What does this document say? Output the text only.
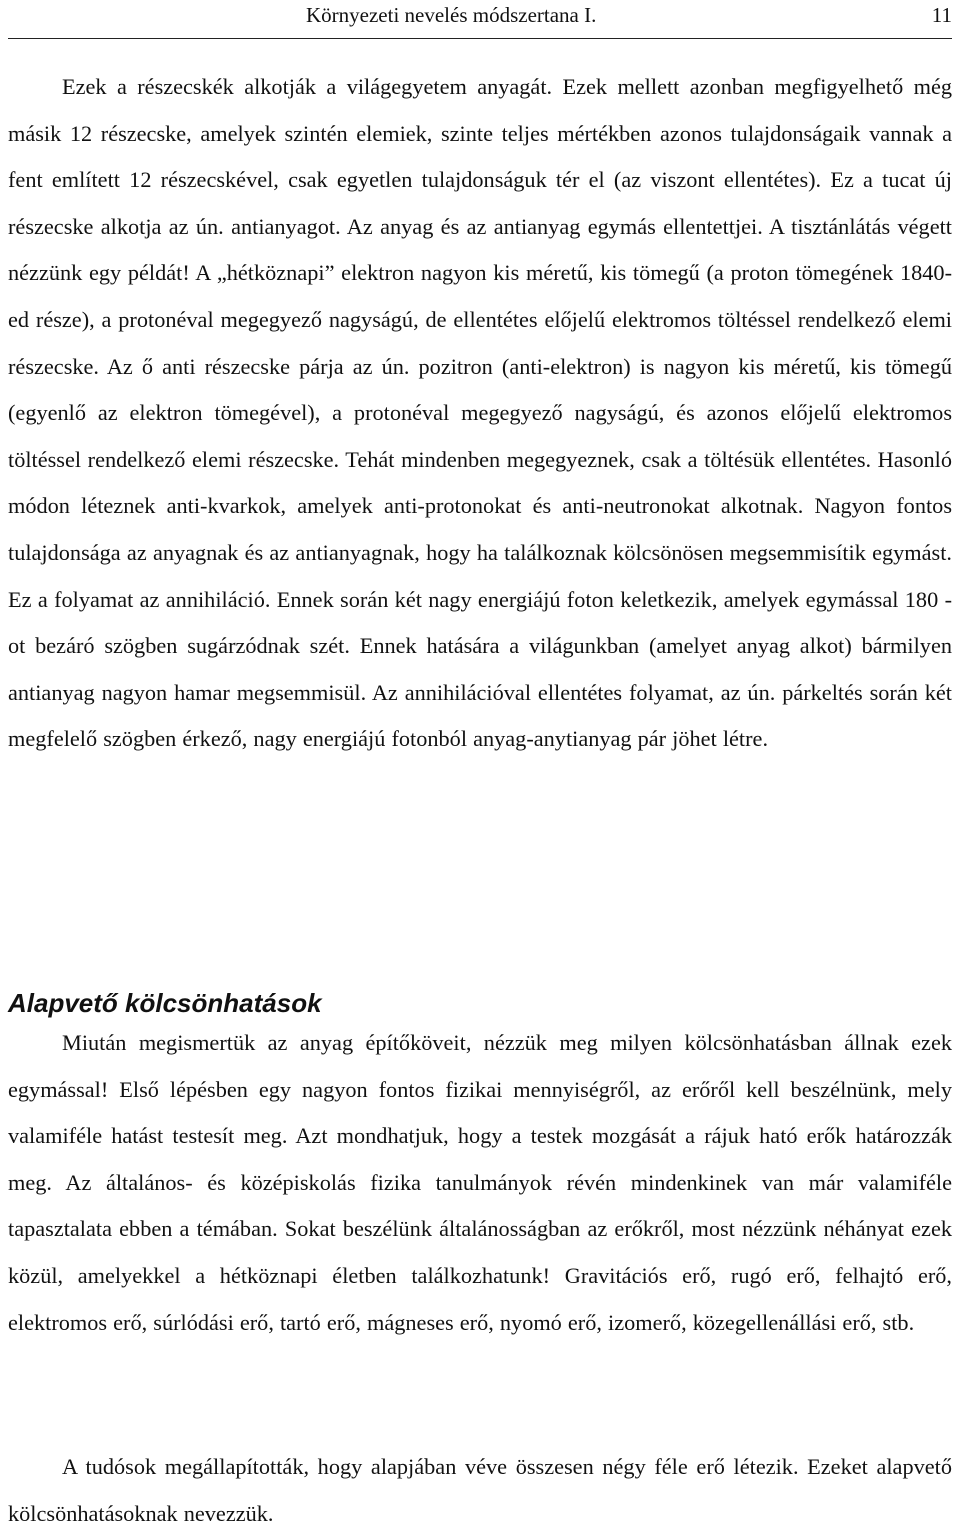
Környezeti nevelés módszertana I.	11

Ezek a részecskék alkotják a világegyetem anyagát. Ezek mellett azonban megfigyelhető még másik 12 részecske, amelyek szintén elemiek, szinte teljes mértékben azonos tulajdonságaik vannak a fent említett 12 részecskével, csak egyetlen tulajdonságuk tér el (az viszont ellentétes). Ez a tucat új részecske alkotja az ún. antianyagot. Az anyag és az antianyag egymás ellentettjei. A tisztánlátás végett nézzünk egy példát! A „hétköznapi” elektron nagyon kis méretű, kis tömegű (a proton tömegének 1840-ed része), a protonéval megegyező nagyságú, de ellentétes előjelű elektromos töltéssel rendelkező elemi részecske. Az ő anti részecske párja az ún. pozitron (anti-elektron) is nagyon kis méretű, kis tömegű (egyenlő az elektron tömegével), a protonéval megegyező nagyságú, és azonos előjelű elektromos töltéssel rendelkező elemi részecske. Tehát mindenben megegyeznek, csak a töltésük ellentétes. Hasonló módon léteznek anti-kvarkok, amelyek anti-protonokat és anti-neutronokat alkotnak. Nagyon fontos tulajdonsága az anyagnak és az antianyagnak, hogy ha találkoznak kölcsönösen megsemmisítik egymást. Ez a folyamat az annihiláció. Ennek során két nagy energiájú foton keletkezik, amelyek egymással 180 -ot bezáró szögben sugárzódnak szét. Ennek hatására a világunkban (amelyet anyag alkot) bármilyen antianyag nagyon hamar megsemmisül. Az annihilációval ellentétes folyamat, az ún. párkeltés során két megfelelő szögben érkező, nagy energiájú fotonból anyag-anytianyag pár jöhet létre.

Alapvető kölcsönhatások

Miután megismertük az anyag építőköveit, nézzük meg milyen kölcsönhatásban állnak ezek egymással! Első lépésben egy nagyon fontos fizikai mennyiségről, az erőről kell beszélnünk, mely valamiféle hatást testesít meg. Azt mondhatjuk, hogy a testek mozgását a rájuk ható erők határozzák meg. Az általános- és középiskolás fizika tanulmányok révén mindenkinek van már valamiféle tapasztalata ebben a témában. Sokat beszélünk általánosságban az erőkről, most nézzünk néhányat ezek közül, amelyekkel a hétköznapi életben találkozhatunk! Gravitációs erő, rugó erő, felhajtó erő, elektromos erő, súrlódási erő, tartó erő, mágneses erő, nyomó erő, izomerő, közegellenállási erő, stb.

A tudósok megállapították, hogy alapjában véve összesen négy féle erő létezik. Ezeket alapvető kölcsönhatásoknak nevezzük.
